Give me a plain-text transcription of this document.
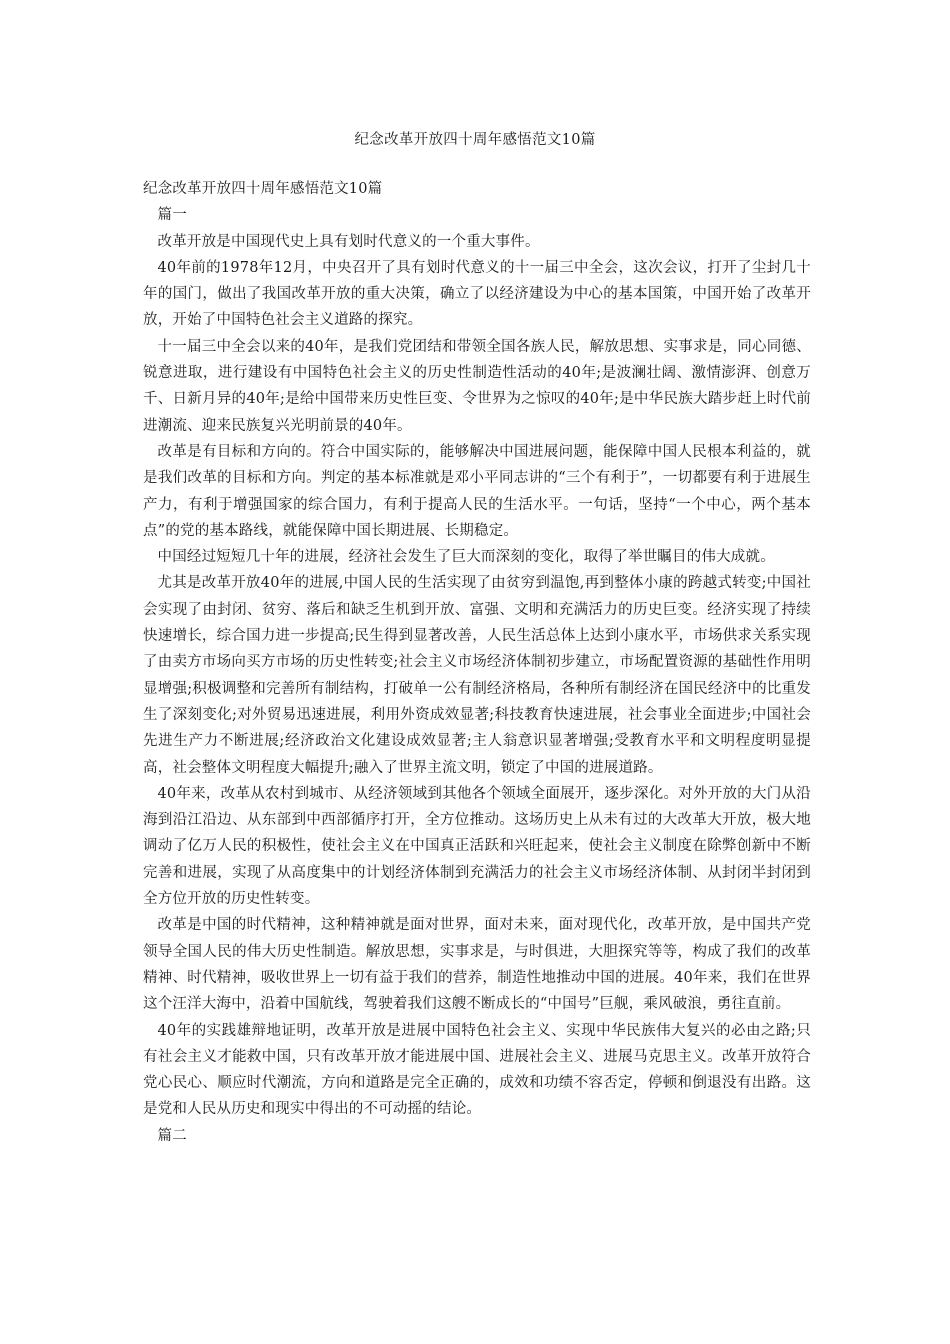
纪念改革开放四十周年感悟范文10篇

纪念改革开放四十周年感悟范文10篇

篇一

改革开放是中国现代史上具有划时代意义的一个重大事件。

40年前的1978年12月，中央召开了具有划时代意义的十一届三中全会，这次会议，打开了尘封几十年的国门，做出了我国改革开放的重大决策，确立了以经济建设为中心的基本国策，中国开始了改革开放，开始了中国特色社会主义道路的探究。

十一届三中全会以来的40年，是我们党团结和带领全国各族人民，解放思想、实事求是，同心同德、锐意进取，进行建设有中国特色社会主义的历史性制造性活动的40年;是波澜壮阔、激情澎湃、创意万千、日新月异的40年;是给中国带来历史性巨变、令世界为之惊叹的40年;是中华民族大踏步赶上时代前进潮流、迎来民族复兴光明前景的40年。

改革是有目标和方向的。符合中国实际的，能够解决中国进展问题，能保障中国人民根本利益的，就是我们改革的目标和方向。判定的基本标准就是邓小平同志讲的“三个有利于”，一切都要有利于进展生产力，有利于增强国家的综合国力，有利于提高人民的生活水平。一句话，坚持“一个中心，两个基本点”的党的基本路线，就能保障中国长期进展、长期稳定。

中国经过短短几十年的进展，经济社会发生了巨大而深刻的变化，取得了举世瞩目的伟大成就。

尤其是改革开放40年的进展,中国人民的生活实现了由贫穷到温饱,再到整体小康的跨越式转变;中国社会实现了由封闭、贫穷、落后和缺乏生机到开放、富强、文明和充满活力的历史巨变。经济实现了持续快速增长，综合国力进一步提高;民生得到显著改善，人民生活总体上达到小康水平，市场供求关系实现了由卖方市场向买方市场的历史性转变;社会主义市场经济体制初步建立，市场配置资源的基础性作用明显增强;积极调整和完善所有制结构，打破单一公有制经济格局，各种所有制经济在国民经济中的比重发生了深刻变化;对外贸易迅速进展，利用外资成效显著;科技教育快速进展，社会事业全面进步;中国社会先进生产力不断进展;经济政治文化建设成效显著;主人翁意识显著增强;受教育水平和文明程度明显提高，社会整体文明程度大幅提升;融入了世界主流文明，锁定了中国的进展道路。

40年来，改革从农村到城市、从经济领域到其他各个领域全面展开，逐步深化。对外开放的大门从沿海到沿江沿边、从东部到中西部循序打开，全方位推动。这场历史上从未有过的大改革大开放，极大地调动了亿万人民的积极性，使社会主义在中国真正活跃和兴旺起来，使社会主义制度在除弊创新中不断完善和进展，实现了从高度集中的计划经济体制到充满活力的社会主义市场经济体制、从封闭半封闭到全方位开放的历史性转变。

改革是中国的时代精神，这种精神就是面对世界，面对未来，面对现代化，改革开放，是中国共产党领导全国人民的伟大历史性制造。解放思想，实事求是，与时俱进，大胆探究等等，构成了我们的改革精神、时代精神，吸收世界上一切有益于我们的营养，制造性地推动中国的进展。40年来，我们在世界这个汪洋大海中，沿着中国航线，驾驶着我们这艘不断成长的“中国号”巨舰，乘风破浪，勇往直前。

40年的实践雄辩地证明，改革开放是进展中国特色社会主义、实现中华民族伟大复兴的必由之路;只有社会主义才能救中国，只有改革开放才能进展中国、进展社会主义、进展马克思主义。改革开放符合党心民心、顺应时代潮流，方向和道路是完全正确的，成效和功绩不容否定，停顿和倒退没有出路。这是党和人民从历史和现实中得出的不可动摇的结论。

篇二
